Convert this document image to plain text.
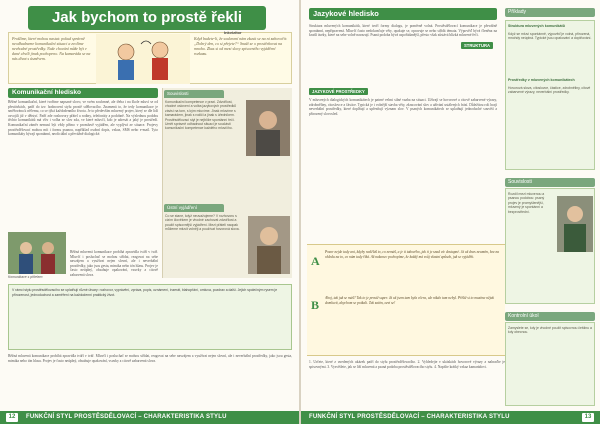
Jak bychom to prostě řekli
Prošlíme, které mohou nastat: pokud správně neodhadneme komunikační situaci a zvolíme nevhodné prostředky. Naše chování může být v dané chvíli jinak pochopeno. Na kamaráda se na nás dívat s úsměvem.
Když budete-li, že soukromí nám zkusit se na ni zahovořit: „Dobrý den, co si přejete?“ Snaží se o prostřekovat na mnoho. Zkus si od mezi slovy spisovného vyjádření rozkazu.
Inkvizitor
Komunikační hledisko
Běžné komunikační, které tvoříme napsané slovo, ve svém souhrnné, ale třeba i na škole mluví se od přestávkách, patří do tzv. hodnocení stylu prostě sdělovacího. Znamená to, že tedy komunikace je směřována k něčemu, co se týká každodenního života. Je to především mluvený projev, který se dle lidí osvojili již v dětství. Patří zde rozhovory přátel a rodiny, telefonáty a podobně. Na výslednou podobu těchto komunikátů má vliv i volba ze slov zda, ve které mluvčí, kdo je adresát a jaký je prostředí. Komunikační záměr nemusí být vždy přímo v promluvě vyjádřen, ale vyplývá ze situace. Projevy prostěsdělovací mohou mít i formu psanou, například osobní dopis, vzkaz, SMS nebo e-mail. Tyto komunikáty bývají spontánní, neoficiální a převážně dialogické.
Souvislosti
Komunikační kompetence v praxi. Zdvořilost, vhodné oslovení a volba jazykových prostředků závisí na tom, s kým mluvíme. Jinak mluvíme s kamarádem, jinak s rodiči a jinak s úředníkem. Prostěsdělovací styl je nejblíže spontánní řeči. Umět správně odhadnout situaci je součástí komunikační kompetence každého mluvčího.
Ústní vyjádření
Co se stane, když neuvažujeme? V rozhovoru s cizím člověkem je vhodné zachovat zdvořilost a použít spisovnější vyjádření. Mezi přáteli naopak můžeme mluvit volněji a používat hovorová slova.
Komunikace s přítelem
Běžná mluvená komunikace probíhá zpravidla tváří v tvář. Mluvčí i posluchač se mohou střídat, reagovat na sebe navzájem a využívat nejen slovní, ale i neverbální prostředky, jako jsou gesta, mimika nebo tón hlasu. Projev je často neúplný, obsahuje opakování, vsuvky a citově zabarvená slova.
V rámci stylu prostěsdělovacího se uplatňují různé útvary: rozhovor, vyprávění, zpráva, popis, oznámení, inzerát, blahopřání, omluva, pozdrav a další. Jejich společným rysem je přirozenost, jednoduchost a zaměření na každodenní praktický život.
Běžná mluvená komunikace probíhá zpravidla tváří v tvář. Mluvčí i posluchač se mohou střídat, reagovat na sebe navzájem a využívat nejen slovní, ale i neverbální prostředky, jako jsou gesta, mimika nebo tón hlasu. Projev je často neúplný, obsahuje opakování, vsuvky a citově zabarvená slova.
12	FUNKČNÍ STYL PROSTĚSDĚLOVACÍ – CHARAKTERISTIKA STYLU
Jazykové hledisko
Struktura mluvených komunikátů, které tvoří formy dialogu, je poměrně volná. Prostěsdělovací komunikace je převážně spontánní, nepřipravená. Mluvčí často nedokončuje věty, opakuje se, opravuje se nebo střídá témata. Výpověď bývá členěna na kratší úseky, které na sebe volně navazují. Psaná podoba bývá uspořádanější, přesto však zůstává blízká mluvené řeči.
STRUKTURA
JAZYKOVÉ PROSTŘEDKY
V mluvených dialogických komunikátech je patrné velmi silné vazba na situaci. Užívají se hovorové a citově zabarvené výrazy, zdrobněliny, citoslovce a částice. Typická je i volnější stavba věty, zkracování slov a užívání ustálených frází. Důležitou roli hrají neverbální prostředky, které doplňují a upřesňují význam slov. V psaných komunikátech se uplatňují jednoduché souvětí a přirozený slovosled.
A
Pozor nejde tady ani, kdyby neděláš to, co nemáš, a je ti takového, jak ti je snad víc dostupné. Já už dnes neumím, bez na ohledu na to, co nám tady říká. Až nakonec pochopíme, že každý má svůj vlastní způsob, jak se vyjádřit.
B Ahoj, tak jak se máš? Tak to je prostě super. Já už jsem tam byla včera, ale nikdo tam nebyl. Příště si to musíme nějak domluvit, abychom se potkali. Tak zatím, ozvi se!
1. Určete, které z uvedených ukázek patří do stylu prostěsdělovacího. 2. Vyhledejte v ukázkách hovorové výrazy a nahraďte je spisovnými. 3. Vysvětlete, jak se liší mluvená a psaná podoba prostěsdělovacího stylu. 4. Napište krátký vzkaz kamarádovi.
Příklady
Struktura mluvených komunikátů
Když se mluví spontánně, výpověď je volná, přirozená, mnohdy neúplná. Typické jsou opakování a doplňování.
Prostředky v mluvených komunikátech
Hovorová slova, citoslovce, částice, zdrobněliny, citově zabarvené výrazy, neverbální prostředky.
Souvislosti
Rozdíl mezi mluvenou a psanou podobou: psaný projev je promyšlenější, mluvený je spontánní a bezprostřední.
Kontrolní úkol
Zamyslete se, kdy je vhodné použít spisovnou češtinu a kdy obecnou.
FUNKČNÍ STYL PROSTĚSDĚLOVACÍ – CHARAKTERISTIKA STYLU	13
